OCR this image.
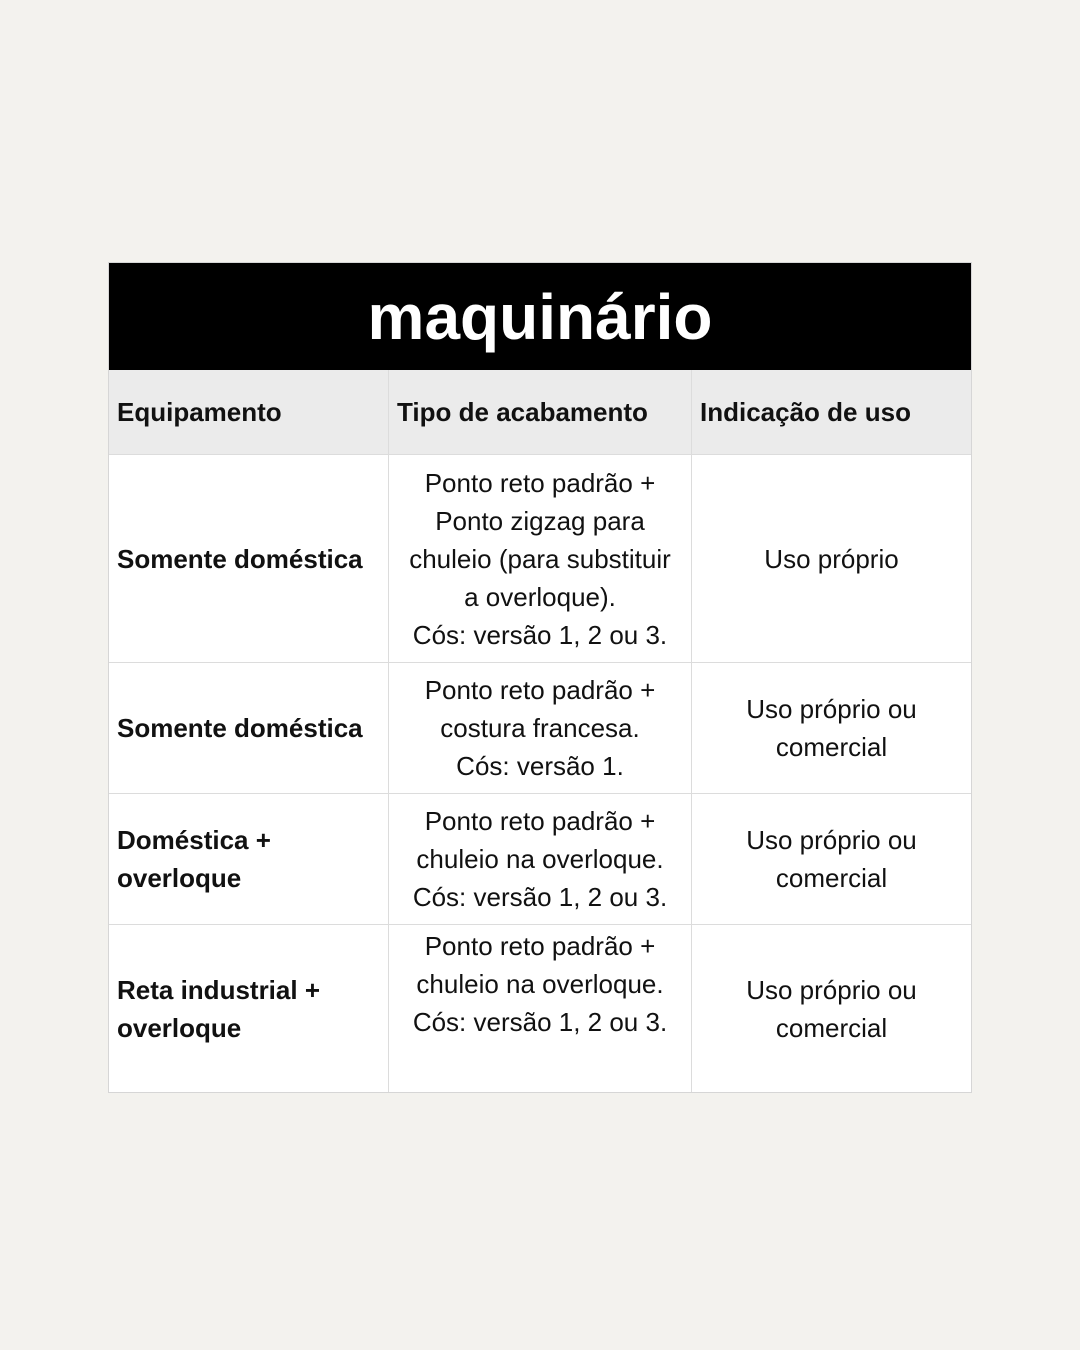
maquinário
Equipamento	Tipo de acabamento	Indicação de uso
Somente doméstica
Ponto reto padrão +
Ponto zigzag para
chuleio (para substituir
a overloque).
Cós: versão 1, 2 ou 3.
Uso próprio
Somente doméstica
Ponto reto padrão +
costura francesa.
Cós: versão 1.
Uso próprio ou
comercial
Doméstica +
overloque
Ponto reto padrão +
chuleio na overloque.
Cós: versão 1, 2 ou 3.
Uso próprio ou
comercial
Reta industrial +
overloque
Ponto reto padrão +
chuleio na overloque.
Cós: versão 1, 2 ou 3.
Uso próprio ou
comercial
